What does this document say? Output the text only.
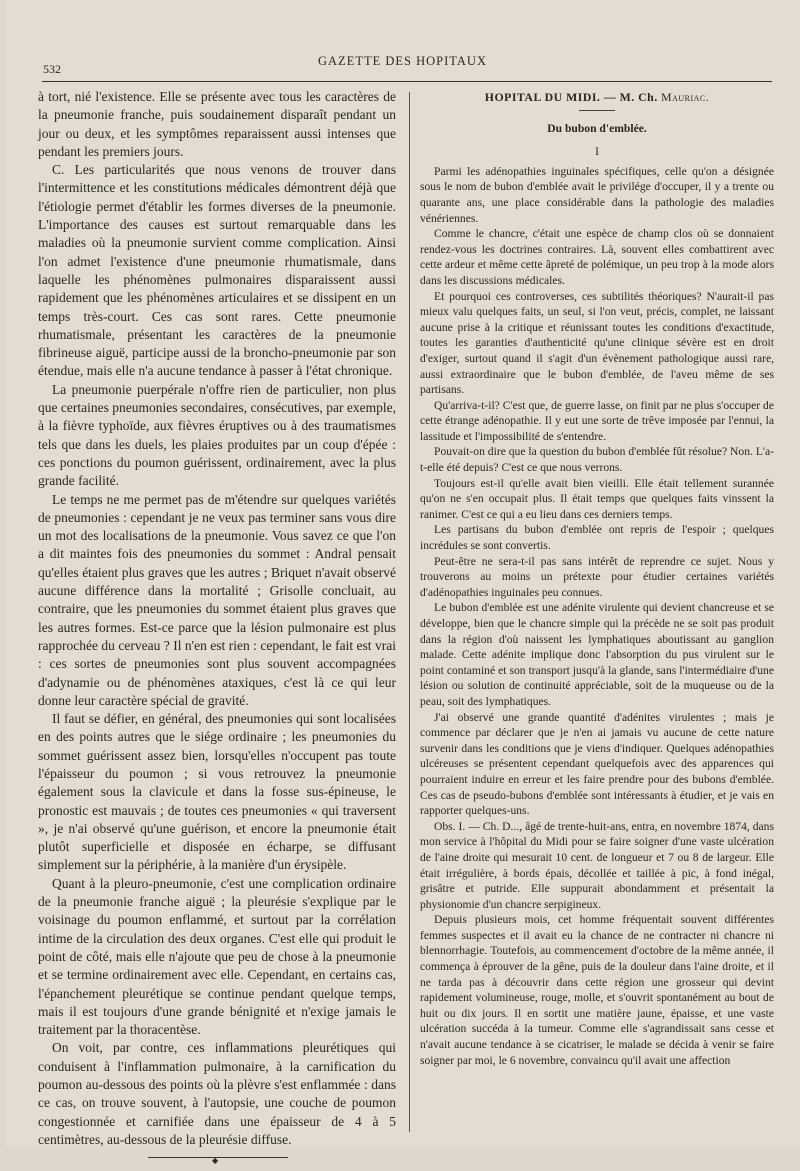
532
GAZETTE DES HOPITAUX

à tort, nié l'existence. Elle se présente avec tous les caractères de la pneumonie franche, puis soudainement disparaît pendant un jour ou deux, et les symptômes reparaissent aussi intenses que pendant les premiers jours.

C. Les particularités que nous venons de trouver dans l'intermittence et les constitutions médicales démontrent déjà que l'étiologie permet d'établir les formes diverses de la pneumonie. L'importance des causes est surtout remarquable dans les maladies où la pneumonie survient comme complication. Ainsi l'on admet l'existence d'une pneumonie rhumatismale, dans laquelle les phénomènes pulmonaires disparaissent aussi rapidement que les phénomènes articulaires et se dissipent en un temps très-court. Ces cas sont rares. Cette pneumonie rhumatismale, présentant les caractères de la pneumonie fibrineuse aiguë, participe aussi de la broncho-pneumonie par son étendue, mais elle n'a aucune tendance à passer à l'état chronique.

La pneumonie puerpérale n'offre rien de particulier, non plus que certaines pneumonies secondaires, consécutives, par exemple, à la fièvre typhoïde, aux fièvres éruptives ou à des traumatismes tels que dans les duels, les plaies produites par un coup d'épée : ces ponctions du poumon guérissent, ordinairement, avec la plus grande facilité.

Le temps ne me permet pas de m'étendre sur quelques variétés de pneumonies : cependant je ne veux pas terminer sans vous dire un mot des localisations de la pneumonie. Vous savez ce que l'on a dit maintes fois des pneumonies du sommet : Andral pensait qu'elles étaient plus graves que les autres ; Briquet n'avait observé aucune différence dans la mortalité ; Grisolle concluait, au contraire, que les pneumonies du sommet étaient plus graves que les autres formes. Est-ce parce que la lésion pulmonaire est plus rapprochée du cerveau ? Il n'en est rien : cependant, le fait est vrai : ces sortes de pneumonies sont plus souvent accompagnées d'adynamie ou de phénomènes ataxiques, c'est là ce qui leur donne leur caractère spécial de gravité.

Il faut se défier, en général, des pneumonies qui sont localisées en des points autres que le siége ordinaire ; les pneumonies du sommet guérissent assez bien, lorsqu'elles n'occupent pas toute l'épaisseur du poumon ; si vous retrouvez la pneumonie également sous la clavicule et dans la fosse sus-épineuse, le pronostic est mauvais ; de toutes ces pneumonies « qui traversent », je n'ai observé qu'une guérison, et encore la pneumonie était plutôt superficielle et disposée en écharpe, se diffusant simplement sur la périphérie, à la manière d'un érysipèle.

Quant à la pleuro-pneumonie, c'est une complication ordinaire de la pneumonie franche aiguë ; la pleurésie s'explique par le voisinage du poumon enflammé, et surtout par la corrélation intime de la circulation des deux organes. C'est elle qui produit le point de côté, mais elle n'ajoute que peu de chose à la pneumonie et se termine ordinairement avec elle. Cependant, en certains cas, l'épanchement pleurétique se continue pendant quelque temps, mais il est toujours d'une grande bénignité et n'exige jamais le traitement par la thoracentèse.

On voit, par contre, ces inflammations pleurétiques qui conduisent à l'inflammation pulmonaire, à la carnification du poumon au-dessous des points où la plèvre s'est enflammée : dans ce cas, on trouve souvent, à l'autopsie, une couche de poumon congestionnée et carnifiée dans une épaisseur de 4 à 5 centimètres, au-dessous de la pleurésie diffuse.

◆

HOPITAL DU MIDI. — M. Ch. Mauriac.

Du bubon d'emblée.

I

Parmi les adénopathies inguinales spécifiques, celle qu'on a désignée sous le nom de bubon d'emblée avait le privilége d'occuper, il y a trente ou quarante ans, une place considérable dans la pathologie des maladies vénériennes.

Comme le chancre, c'était une espèce de champ clos où se donnaient rendez-vous les doctrines contraires. Là, souvent elles combattirent avec cette ardeur et même cette âpreté de polémique, un peu trop à la mode alors dans les discussions médicales.

Et pourquoi ces controverses, ces subtilités théoriques? N'aurait-il pas mieux valu quelques faits, un seul, si l'on veut, précis, complet, ne laissant aucune prise à la critique et réunissant toutes les conditions d'exactitude, toutes les garanties d'authenticité qu'une clinique sévère est en droit d'exiger, surtout quand il s'agit d'un évènement pathologique aussi rare, aussi extraordinaire que le bubon d'emblée, de l'aveu même de ses partisans.

Qu'arriva-t-il? C'est que, de guerre lasse, on finit par ne plus s'occuper de cette étrange adénopathie. Il y eut une sorte de trêve imposée par l'ennui, la lassitude et l'impossibilité de s'entendre.

Pouvait-on dire que la question du bubon d'emblée fût résolue? Non. L'a-t-elle été depuis? C'est ce que nous verrons.

Toujours est-il qu'elle avait bien vieilli. Elle était tellement surannée qu'on ne s'en occupait plus. Il était temps que quelques faits vinssent la ranimer. C'est ce qui a eu lieu dans ces derniers temps.

Les partisans du bubon d'emblée ont repris de l'espoir ; quelques incrédules se sont convertis.

Peut-être ne sera-t-il pas sans intérêt de reprendre ce sujet. Nous y trouverons au moins un prétexte pour étudier certaines variétés d'adénopathies inguinales peu connues.

Le bubon d'emblée est une adénite virulente qui devient chancreuse et se développe, bien que le chancre simple qui la précède ne se soit pas produit dans la région d'où naissent les lymphatiques aboutissant au ganglion malade. Cette adénite implique donc l'absorption du pus virulent sur le point contaminé et son transport jusqu'à la glande, sans l'intermédiaire d'une lésion ou solution de continuité appréciable, soit de la muqueuse ou de la peau, soit des lymphatiques.

J'ai observé une grande quantité d'adénites virulentes ; mais je commence par déclarer que je n'en ai jamais vu aucune de cette nature survenir dans les conditions que je viens d'indiquer. Quelques adénopathies ulcéreuses se présentent cependant quelquefois avec des apparences qui pourraient induire en erreur et les faire prendre pour des bubons d'emblée. Ces cas de pseudo-bubons d'emblée sont intéressants à étudier, et je vais en rapporter quelques-uns.

Obs. I. — Ch. D..., âgé de trente-huit-ans, entra, en novembre 1874, dans mon service à l'hôpital du Midi pour se faire soigner d'une vaste ulcération de l'aine droite qui mesurait 10 cent. de longueur et 7 ou 8 de largeur. Elle était irrégulière, à bords épais, décollée et taillée à pic, à fond inégal, grisâtre et putride. Elle suppurait abondamment et présentait la physionomie d'un chancre serpigineux.

Depuis plusieurs mois, cet homme fréquentait souvent différentes femmes suspectes et il avait eu la chance de ne contracter ni chancre ni blennorrhagie. Toutefois, au commencement d'octobre de la même année, il commença à éprouver de la gêne, puis de la douleur dans l'aine droite, et il ne tarda pas à découvrir dans cette région une grosseur qui devint rapidement volumineuse, rouge, molle, et s'ouvrit spontanément au bout de huit ou dix jours. Il en sortit une matière jaune, épaisse, et une vaste ulcération succéda à la tumeur. Comme elle s'agrandissait sans cesse et n'avait aucune tendance à se cicatriser, le malade se décida à venir se faire soigner par moi, le 6 novembre, convaincu qu'il avait une affection
